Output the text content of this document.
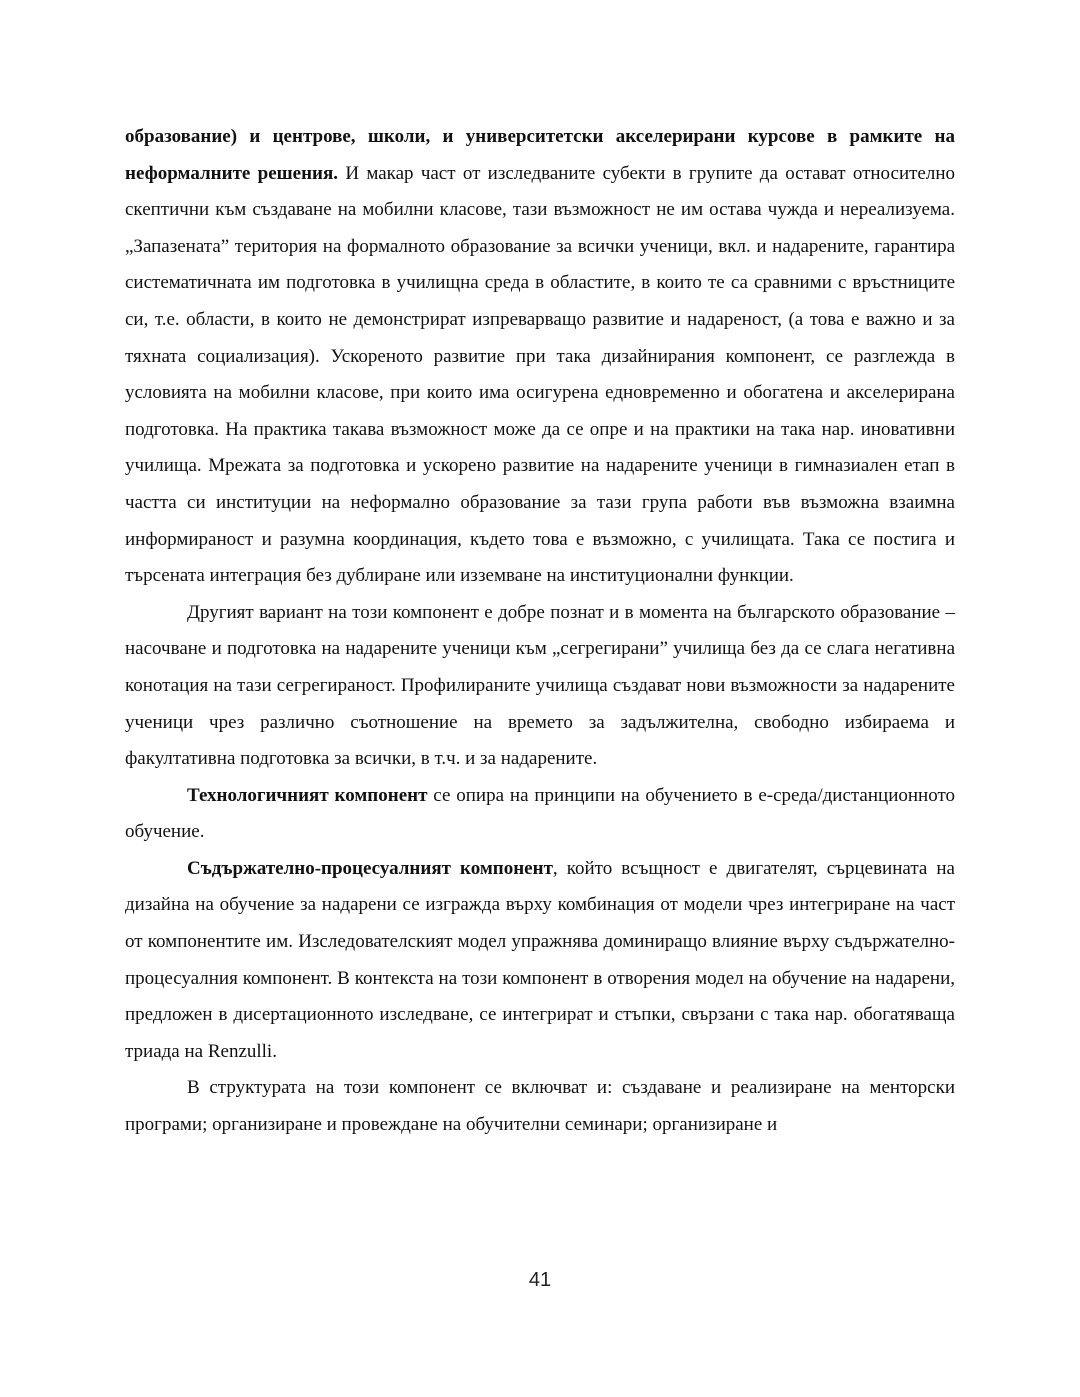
образование) и центрове, школи, и университетски акселерирани курсове в рамките на неформалните решения. И макар част от изследваните субекти в групите да остават относително скептични към създаване на мобилни класове, тази възможност не им остава чужда и нереализуема. „Запазената” територия на формалното образование за всички ученици, вкл. и надарените, гарантира систематичната им подготовка в училищна среда в областите, в които те са сравними с връстниците си, т.е. области, в които не демонстрират изпреварващо развитие и надареност, (а това е важно и за тяхната социализация). Ускореното развитие при така дизайнирания компонент, се разглежда в условията на мобилни класове, при които има осигурена едновременно и обогатена и акселерирана подготовка. На практика такава възможност може да се опре и на практики на така нар. иновативни училища. Мрежата за подготовка и ускорено развитие на надарените ученици в гимназиален етап в частта си институции на неформално образование за тази група работи във възможна взаимна информираност и разумна координация, където това е възможно, с училищата. Така се постига и търсената интеграция без дублиране или изземване на институционални функции.

Другият вариант на този компонент е добре познат и в момента на българското образование – насочване и подготовка на надарените ученици към „сегрегирани” училища без да се слага негативна конотация на тази сегрегираност. Профилираните училища създават нови възможности за надарените ученици чрез различно съотношение на времето за задължителна, свободно избираема и факултативна подготовка за всички, в т.ч. и за надарените.

Технологичният компонент се опира на принципи на обучението в е-среда/дистанционното обучение.

Съдържателно-процесуалният компонент, който всъщност е двигателят, сърцевината на дизайна на обучение за надарени се изгражда върху комбинация от модели чрез интегриране на част от компонентите им. Изследователският модел упражнява доминиращо влияние върху съдържателно-процесуалния компонент. В контекста на този компонент в отворения модел на обучение на надарени, предложен в дисертационното изследване, се интегрират и стъпки, свързани с така нар. обогатяваща триада на Renzulli.

В структурата на този компонент се включват и: създаване и реализиране на менторски програми; организиране и провеждане на обучителни семинари; организиране и

41
